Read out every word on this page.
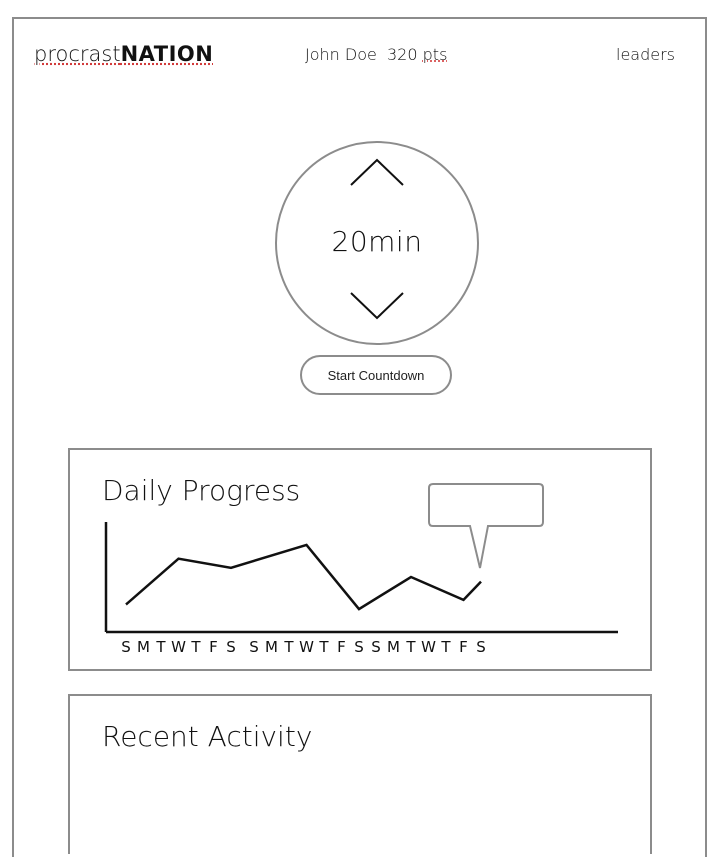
procrastNATION	John Doe 320 pts	leaders
20min
Start Countdown
Daily Progress
S M T W T F S S M T W T F S S M T W T F S
Recent Activity
